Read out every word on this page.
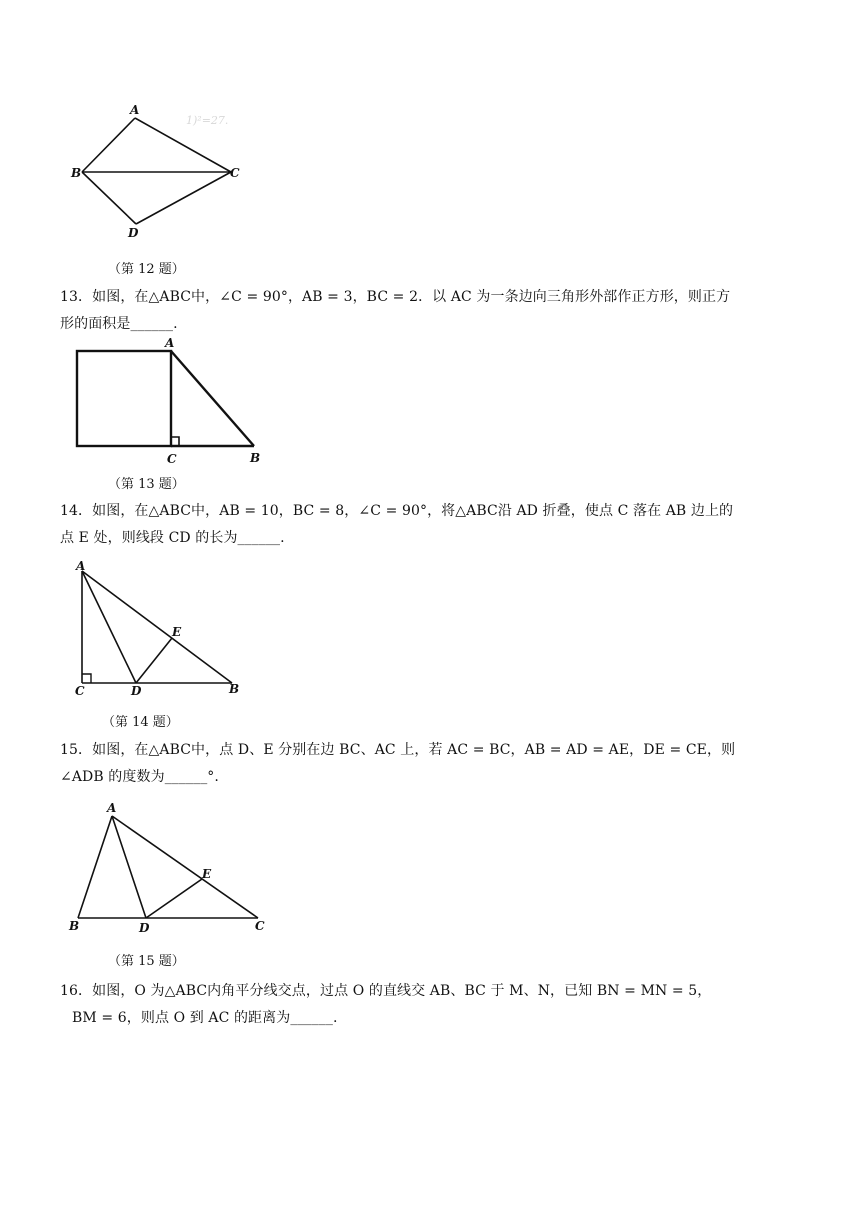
1)²=27.
A
B	C
D
（第 12 题）
13．如图，在△ABC中，∠C = 90°，AB = 3，BC = 2．以 AC 为一条边向三角形外部作正方形，则正方
形的面积是______.
A
C	B
（第 13 题）
14．如图，在△ABC中，AB = 10，BC = 8，∠C = 90°，将△ABC沿 AD 折叠，使点 C 落在 AB 边上的
点 E 处，则线段 CD 的长为______.
A
E
C	D	B
（第 14 题）
15．如图，在△ABC中，点 D、E 分别在边 BC、AC 上，若 AC = BC，AB = AD = AE，DE = CE，则
∠ADB 的度数为______°.
A
E
B	D	C
（第 15 题）
16．如图，O 为△ABC内角平分线交点，过点 O 的直线交 AB、BC 于 M、N，已知 BN = MN = 5，
BM = 6，则点 O 到 AC 的距离为______.
